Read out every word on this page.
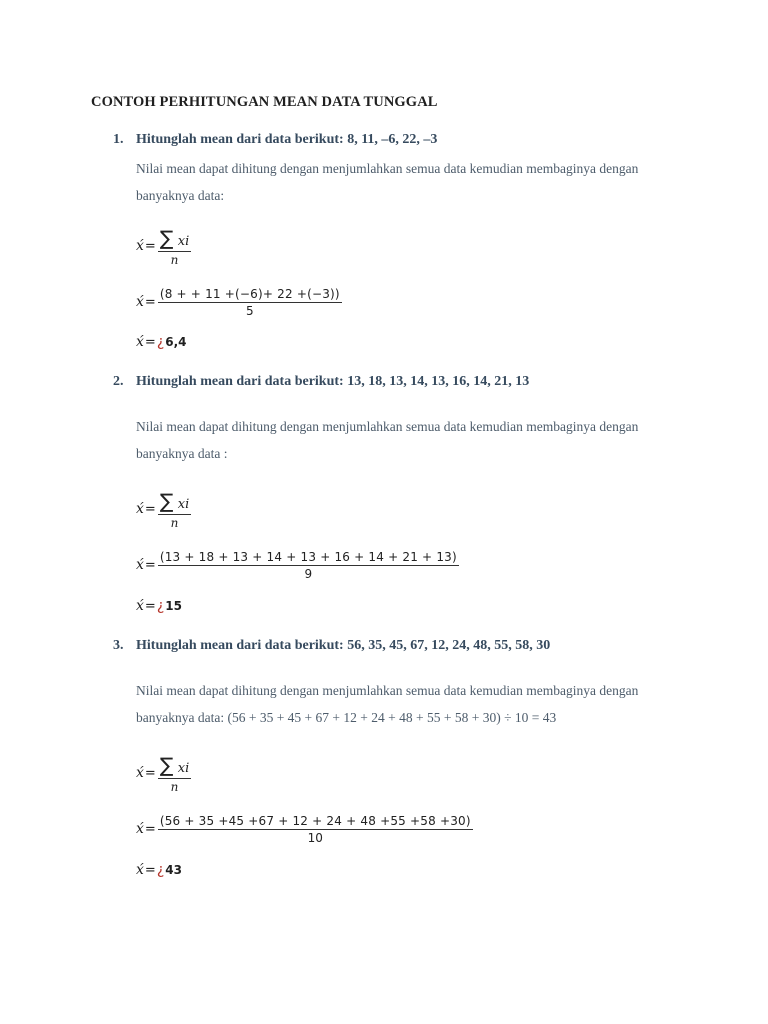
CONTOH PERHITUNGAN MEAN DATA TUNGGAL
1. Hitunglah mean dari data berikut: 8, 11, –6, 22, –3
Nilai mean dapat dihitung dengan menjumlahkan semua data kemudian membaginya dengan banyaknya data:
x́ = $\frac{\sum xi}{n}$
x́ = $\frac{(8 + + 11 +(-6)+ 22 +(-3))}{5}$
x́ = ¿ 6,4
2. Hitunglah mean dari data berikut: 13, 18, 13, 14, 13, 16, 14, 21, 13
Nilai mean dapat dihitung dengan menjumlahkan semua data kemudian membaginya dengan banyaknya data :
x́ = $\frac{\sum xi}{n}$
x́ = $\frac{(13 + 18 + 13 + 14 + 13 + 16 + 14 + 21 + 13)}{9}$
x́ = ¿ 15
3. Hitunglah mean dari data berikut: 56, 35, 45, 67, 12, 24, 48, 55, 58, 30
Nilai mean dapat dihitung dengan menjumlahkan semua data kemudian membaginya dengan banyaknya data: (56 + 35 + 45 + 67 + 12 + 24 + 48 + 55 + 58 + 30) ÷ 10 = 43
x́ = $\frac{\sum xi}{n}$
x́ = $\frac{(56 + 35 +45 +67 + 12 + 24 + 48 +55 +58 +30)}{10}$
x́ = ¿ 43
